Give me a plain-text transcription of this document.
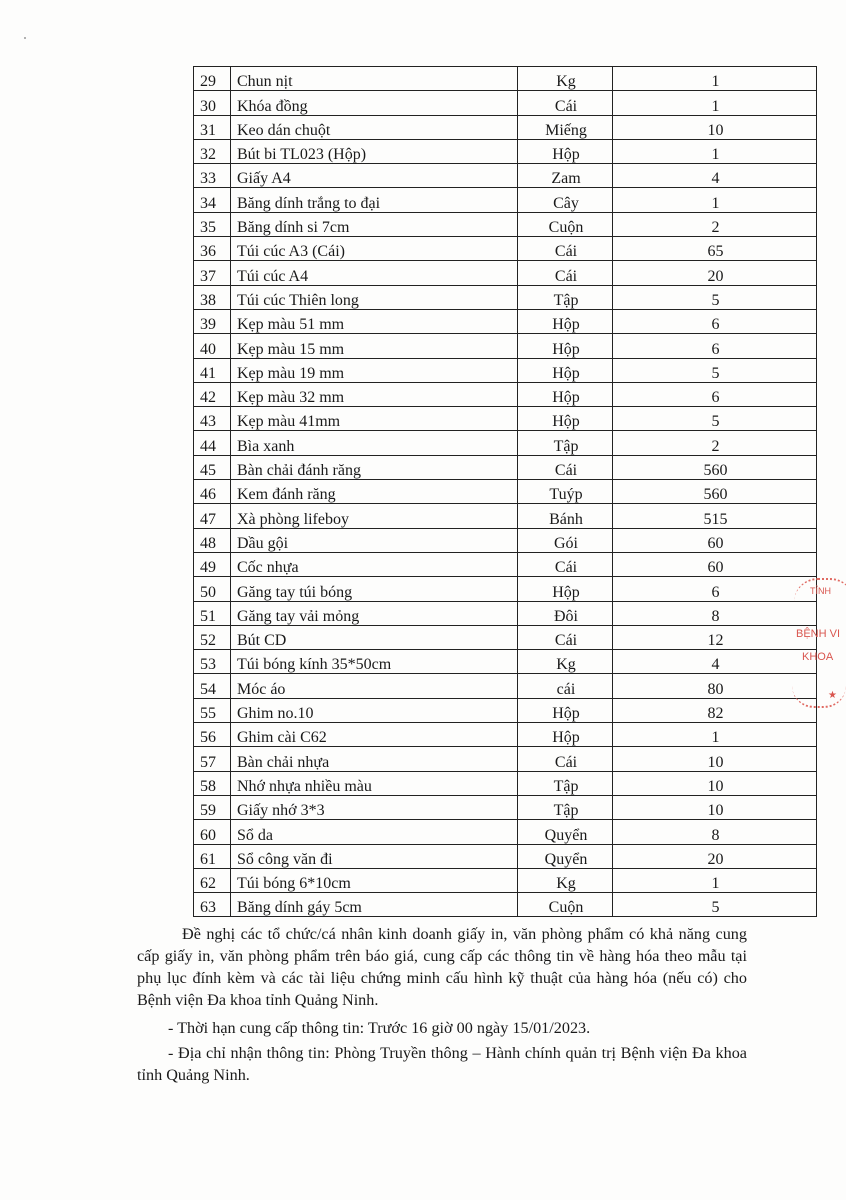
29	Chun nịt	Kg	1
30	Khóa đồng	Cái	1
31	Keo dán chuột	Miếng	10
32	Bút bi TL023 (Hộp)	Hộp	1
33	Giấy A4	Zam	4
34	Băng dính trắng to đại	Cây	1
35	Băng dính si 7cm	Cuộn	2
36	Túi cúc A3 (Cái)	Cái	65
37	Túi cúc A4	Cái	20
38	Túi cúc Thiên long	Tập	5
39	Kẹp màu 51 mm	Hộp	6
40	Kẹp màu 15 mm	Hộp	6
41	Kẹp màu 19 mm	Hộp	5
42	Kẹp màu 32 mm	Hộp	6
43	Kẹp màu 41mm	Hộp	5
44	Bìa xanh	Tập	2
45	Bàn chải đánh răng	Cái	560
46	Kem đánh răng	Tuýp	560
47	Xà phòng lifeboy	Bánh	515
48	Dầu gội	Gói	60
49	Cốc nhựa	Cái	60
50	Găng tay túi bóng	Hộp	6
51	Găng tay vải mỏng	Đôi	8
52	Bút CD	Cái	12
53	Túi bóng kính 35*50cm	Kg	4
54	Móc áo	cái	80
55	Ghim no.10	Hộp	82
56	Ghim cài C62	Hộp	1
57	Bàn chải nhựa	Cái	10
58	Nhớ nhựa nhiều màu	Tập	10
59	Giấy nhớ 3*3	Tập	10
60	Sổ da	Quyển	8
61	Sổ công văn đi	Quyển	20
62	Túi bóng 6*10cm	Kg	1
63	Băng dính gáy 5cm	Cuộn	5

Đề nghị các tổ chức/cá nhân kinh doanh giấy in, văn phòng phẩm có khả năng cung cấp giấy in, văn phòng phẩm trên báo giá, cung cấp các thông tin về hàng hóa theo mẫu tại phụ lục đính kèm và các tài liệu chứng minh cấu hình kỹ thuật của hàng hóa (nếu có) cho Bệnh viện Đa khoa tỉnh Quảng Ninh.

- Thời hạn cung cấp thông tin: Trước 16 giờ 00 ngày 15/01/2023.

- Địa chỉ nhận thông tin: Phòng Truyền thông – Hành chính quản trị Bệnh viện Đa khoa tỉnh Quảng Ninh.

TỈNH
BỆNH VI
KHOA
★
